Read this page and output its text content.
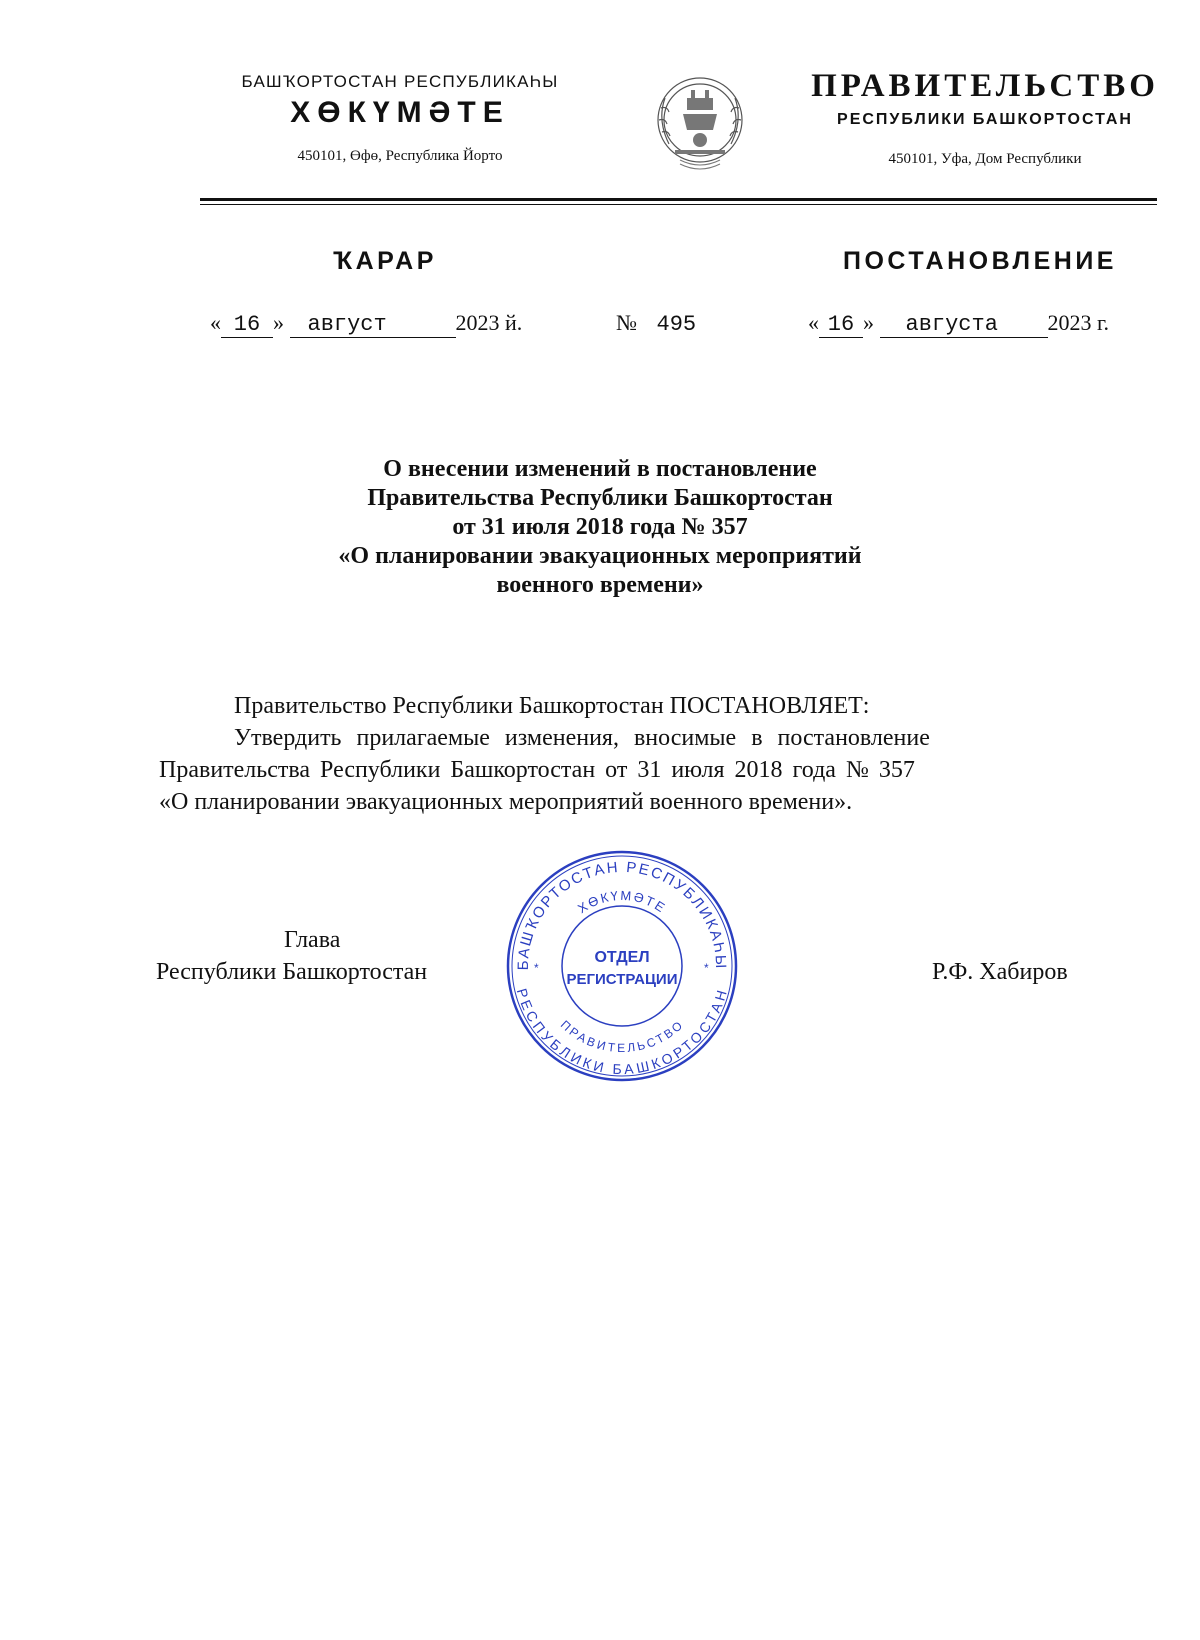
БАШҠОРТОСТАН РЕСПУБЛИКАҺЫ
ХӨКҮМӘТЕ
450101, Өфө, Республика Йорто
ПРАВИТЕЛЬСТВО
РЕСПУБЛИКИ БАШКОРТОСТАН
450101, Уфа, Дом Республики
ҠАРАР	ПОСТАНОВЛЕНИЕ
« 16 » август	2023 й.	№ 495	« 16 » августа 2023 г.
О внесении изменений в постановление
Правительства Республики Башкортостан
от 31 июля 2018 года № 357
«О планировании эвакуационных мероприятий
военного времени»
Правительство Республики Башкортостан ПОСТАНОВЛЯЕТ:
Утвердить прилагаемые изменения, вносимые в постановление
Правительства Республики Башкортостан от 31 июля 2018 года № 357
«О планировании эвакуационных мероприятий военного времени».
Глава
Республики Башкортостан	Р.Ф. Хабиров
БАШҠОРТОСТАН РЕСПУБЛИКАҺЫ
ХӨКҮМӘТЕ
ПРАВИТЕЛЬСТВО
РЕСПУБЛИКИ БАШКОРТОСТАН
ОТДЕЛ
РЕГИСТРАЦИИ
*	*
